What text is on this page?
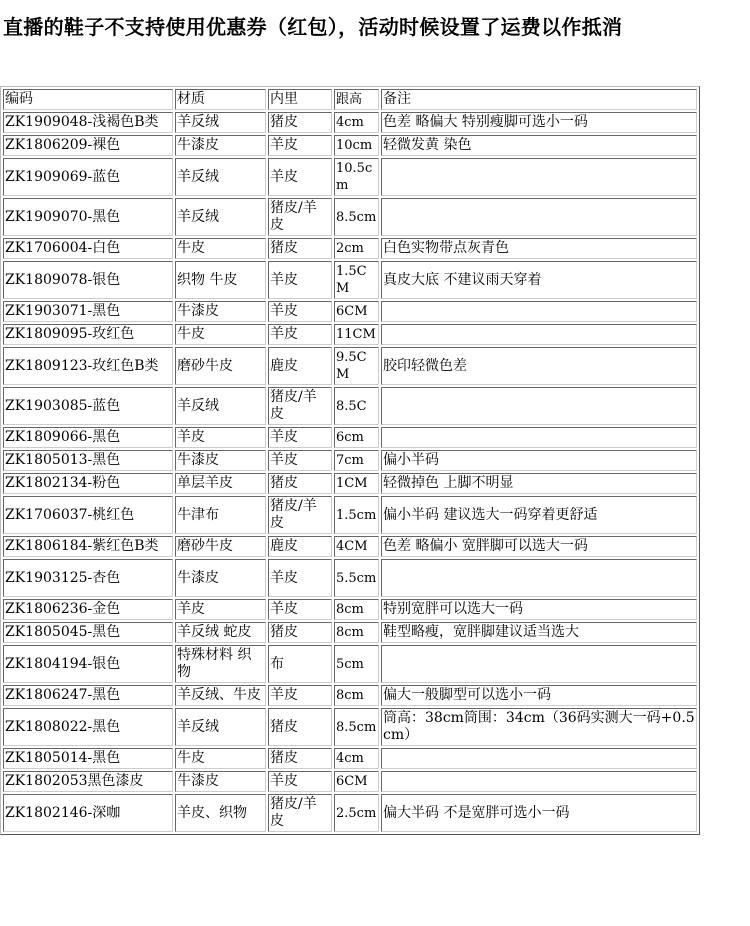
直播的鞋子不支持使用优惠券（红包），活动时候设置了运费以作抵消
编码	材质	内里	跟高	备注
ZK1909048-浅褐色B类	羊反绒	猪皮	4cm	色差 略偏大 特别瘦脚可选小一码
ZK1806209-裸色	牛漆皮	羊皮	10cm	轻微发黄 染色
ZK1909069-蓝色	羊反绒	羊皮	10.5cm	
ZK1909070-黑色	羊反绒	猪皮/羊皮	8.5cm	
ZK1706004-白色	牛皮	猪皮	2cm	白色实物带点灰青色
ZK1809078-银色	织物 牛皮	羊皮	1.5CM	真皮大底 不建议雨天穿着
ZK1903071-黑色	牛漆皮	羊皮	6CM	
ZK1809095-玫红色	牛皮	羊皮	11CM	
ZK1809123-玫红色B类	磨砂牛皮	鹿皮	9.5CM	胶印轻微色差
ZK1903085-蓝色	羊反绒	猪皮/羊皮	8.5C	
ZK1809066-黑色	羊皮	羊皮	6cm	
ZK1805013-黑色	牛漆皮	羊皮	7cm	偏小半码
ZK1802134-粉色	单层羊皮	猪皮	1CM	轻微掉色 上脚不明显
ZK1706037-桃红色	牛津布	猪皮/羊皮	1.5cm	偏小半码 建议选大一码穿着更舒适
ZK1806184-紫红色B类	磨砂牛皮	鹿皮	4CM	色差 略偏小 宽胖脚可以选大一码
ZK1903125-杏色	牛漆皮	羊皮	5.5cm	
ZK1806236-金色	羊皮	羊皮	8cm	特别宽胖可以选大一码
ZK1805045-黑色	羊反绒 蛇皮	猪皮	8cm	鞋型略瘦，宽胖脚建议适当选大
ZK1804194-银色	特殊材料 织物	布	5cm	
ZK1806247-黑色	羊反绒、牛皮	羊皮	8cm	偏大一般脚型可以选小一码
ZK1808022-黑色	羊反绒	猪皮	8.5cm	筒高：38cm筒围：34cm（36码实测大一码+0.5cm）
ZK1805014-黑色	牛皮	猪皮	4cm	
ZK1802053黑色漆皮	牛漆皮	羊皮	6CM	
ZK1802146-深咖	羊皮、织物	猪皮/羊皮	2.5cm	偏大半码 不是宽胖可选小一码
